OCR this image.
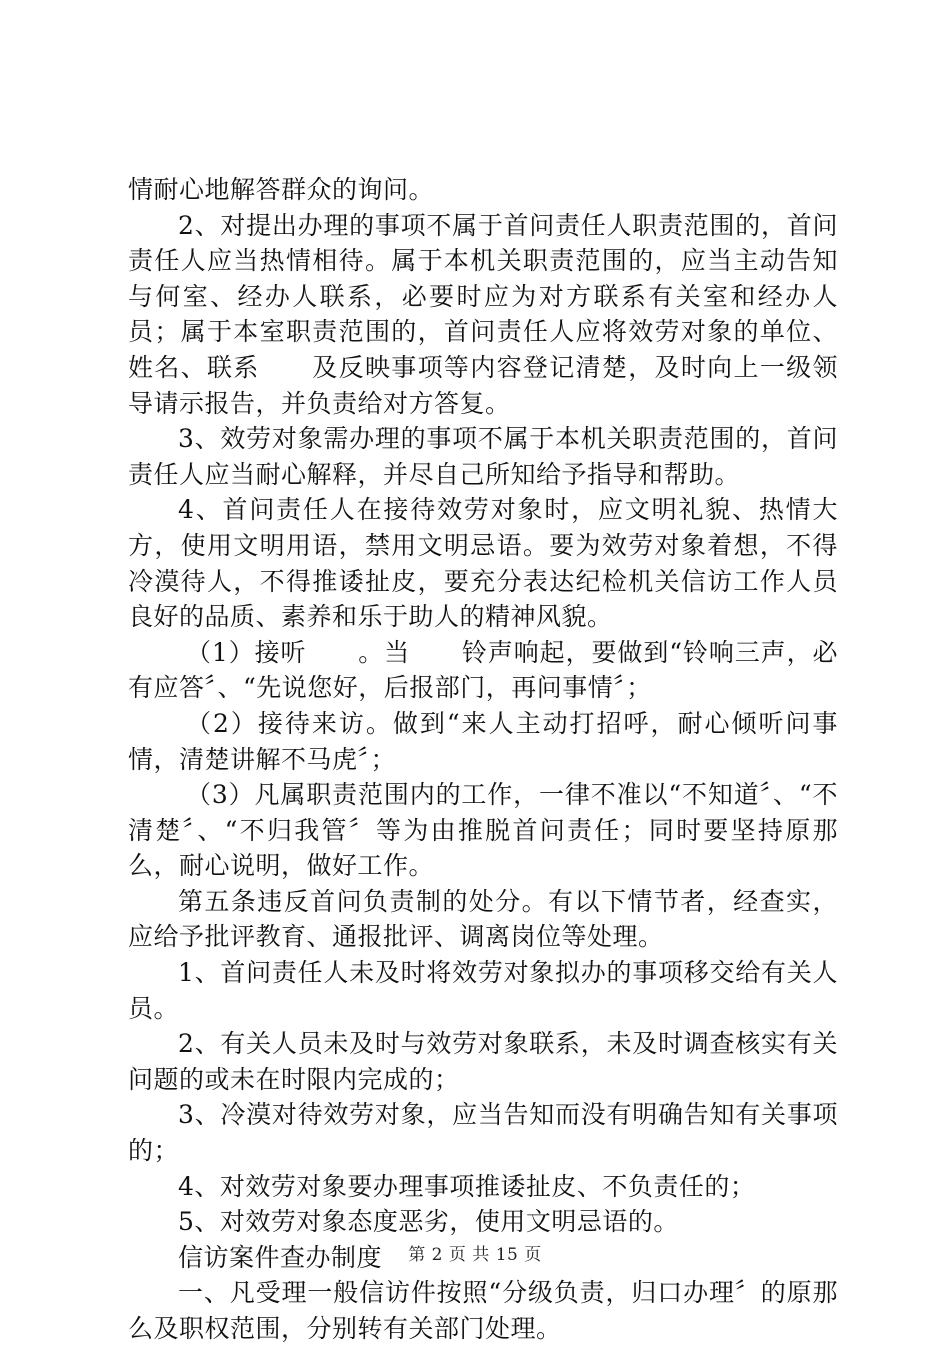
情耐心地解答群众的询问。

2、对提出办理的事项不属于首问责任人职责范围的，首问责任人应当热情相待。属于本机关职责范围的，应当主动告知与何室、经办人联系，必要时应为对方联系有关室和经办人员；属于本室职责范围的，首问责任人应将效劳对象的单位、姓名、联系　　及反映事项等内容登记清楚，及时向上一级领导请示报告，并负责给对方答复。

3、效劳对象需办理的事项不属于本机关职责范围的，首问责任人应当耐心解释，并尽自己所知给予指导和帮助。

4、首问责任人在接待效劳对象时，应文明礼貌、热情大方，使用文明用语，禁用文明忌语。要为效劳对象着想，不得冷漠待人，不得推诿扯皮，要充分表达纪检机关信访工作人员良好的品质、素养和乐于助人的精神风貌。

（1）接听　　。当　　铃声响起，要做到“铃响三声，必有应答〞、“先说您好，后报部门，再问事情〞；

（2）接待来访。做到“来人主动打招呼，耐心倾听问事情，清楚讲解不马虎〞；

（3）凡属职责范围内的工作，一律不准以“不知道〞、“不清楚〞、“不归我管〞等为由推脱首问责任；同时要坚持原那么，耐心说明，做好工作。

第五条违反首问负责制的处分。有以下情节者，经查实，应给予批评教育、通报批评、调离岗位等处理。

1、首问责任人未及时将效劳对象拟办的事项移交给有关人员。

2、有关人员未及时与效劳对象联系，未及时调查核实有关问题的或未在时限内完成的；

3、冷漠对待效劳对象，应当告知而没有明确告知有关事项的；

4、对效劳对象要办理事项推诿扯皮、不负责任的；

5、对效劳对象态度恶劣，使用文明忌语的。

信访案件查办制度

一、凡受理一般信访件按照“分级负责，归口办理〞的原那么及职权范围，分别转有关部门处理。

第 2 页 共 15 页
